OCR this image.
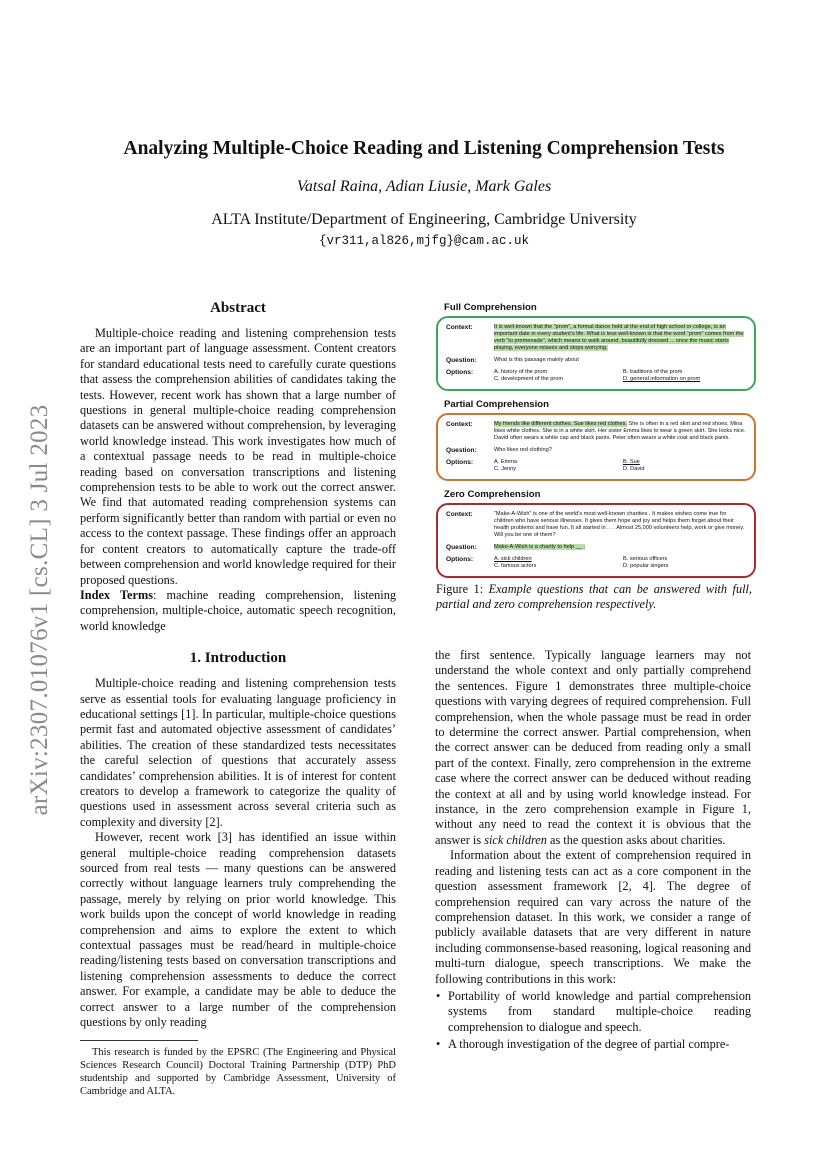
arXiv:2307.01076v1 [cs.CL] 3 Jul 2023
Analyzing Multiple-Choice Reading and Listening Comprehension Tests
Vatsal Raina, Adian Liusie, Mark Gales
ALTA Institute/Department of Engineering, Cambridge University
{vr311,al826,mjfg}@cam.ac.uk
Abstract

Multiple-choice reading and listening comprehension tests are an important part of language assessment. Content creators for standard educational tests need to carefully curate questions that assess the comprehension abilities of candidates taking the tests. However, recent work has shown that a large number of questions in general multiple-choice reading comprehension datasets can be answered without comprehension, by leveraging world knowledge instead. This work investigates how much of a contextual passage needs to be read in multiple-choice reading based on conversation transcriptions and listening comprehension tests to be able to work out the correct answer. We find that automated reading comprehension systems can perform significantly better than random with partial or even no access to the context passage. These findings offer an approach for content creators to automatically capture the trade-off between comprehension and world knowledge required for their proposed questions.

Index Terms: machine reading comprehension, listening comprehension, multiple-choice, automatic speech recognition, world knowledge

1. Introduction

Multiple-choice reading and listening comprehension tests serve as essential tools for evaluating language proficiency in educational settings [1]. In particular, multiple-choice questions permit fast and automated objective assessment of candidates’ abilities. The creation of these standardized tests necessitates the careful selection of questions that accurately assess candidates’ comprehension abilities. It is of interest for content creators to develop a framework to categorize the quality of questions used in assessment across several criteria such as complexity and diversity [2].

However, recent work [3] has identified an issue within general multiple-choice reading comprehension datasets sourced from real tests — many questions can be answered correctly without language learners truly comprehending the passage, merely by relying on prior world knowledge. This work builds upon the concept of world knowledge in reading comprehension and aims to explore the extent to which contextual passages must be read/heard in multiple-choice reading/listening tests based on conversation transcriptions and listening comprehension assessments to deduce the correct answer. For example, a candidate may be able to deduce the correct answer to a large number of the comprehension questions by only reading

This research is funded by the EPSRC (The Engineering and Physical Sciences Research Council) Doctoral Training Partnership (DTP) PhD studentship and supported by Cambridge Assessment, University of Cambridge and ALTA.
Full Comprehension
Context:	It is well-known that the “prom”, a formal dance held at the end of high school or college, is an important date in every student’s life. What is less well-known is that the word “prom” comes from the verb “to promenade”, which means to walk around, beautifully dressed ... once the music starts playing, everyone relaxes and stops worrying.
Question:	What is this passage mainly about
Options:	A. history of the prom	B. traditions of the prom
C. development of the prom	D. general information on prom
Partial Comprehension
Context:	My friends like different clothes. Sue likes red clothes. She is often in a red skirt and red shoes. Mina likes white clothes. She is in a white skirt. Her sister Emma likes to wear a green skirt. She looks nice. David often wears a white cap and black pants. Peter often wears a white coat and black pants.
Question:	Who likes red clothing?
Options:	A. Emma	B. Sue
C. Jenny	D. David
Zero Comprehension
Context:	“Make-A-Wish” is one of the world’s most well-known charities . It makes wishes come true for children who have serious illnesses. It gives them hope and joy and helps them forget about their health problems and have fun. It all started in . . . Almost 25,000 volunteers help, work or give money. Will you be one of them?
Question:	Make-A-Wish is a charity to help __ .
Options:	A. sick children	B. serious officers
C. famous actors	D. popular singers
Figure 1: Example questions that can be answered with full, partial and zero comprehension respectively.

the first sentence. Typically language learners may not understand the whole context and only partially comprehend the sentences. Figure 1 demonstrates three multiple-choice questions with varying degrees of required comprehension. Full comprehension, when the whole passage must be read in order to determine the correct answer. Partial comprehension, when the correct answer can be deduced from reading only a small part of the context. Finally, zero comprehension in the extreme case where the correct answer can be deduced without reading the context at all and by using world knowledge instead. For instance, in the zero comprehension example in Figure 1, without any need to read the context it is obvious that the answer is sick children as the question asks about charities.

Information about the extent of comprehension required in reading and listening tests can act as a core component in the question assessment framework [2, 4]. The degree of comprehension required can vary across the nature of the comprehension dataset. In this work, we consider a range of publicly available datasets that are very different in nature including commonsense-based reasoning, logical reasoning and multi-turn dialogue, speech transcriptions. We make the following contributions in this work:

• Portability of world knowledge and partial comprehension systems from standard multiple-choice reading comprehension to dialogue and speech.
• A thorough investigation of the degree of partial compre-
